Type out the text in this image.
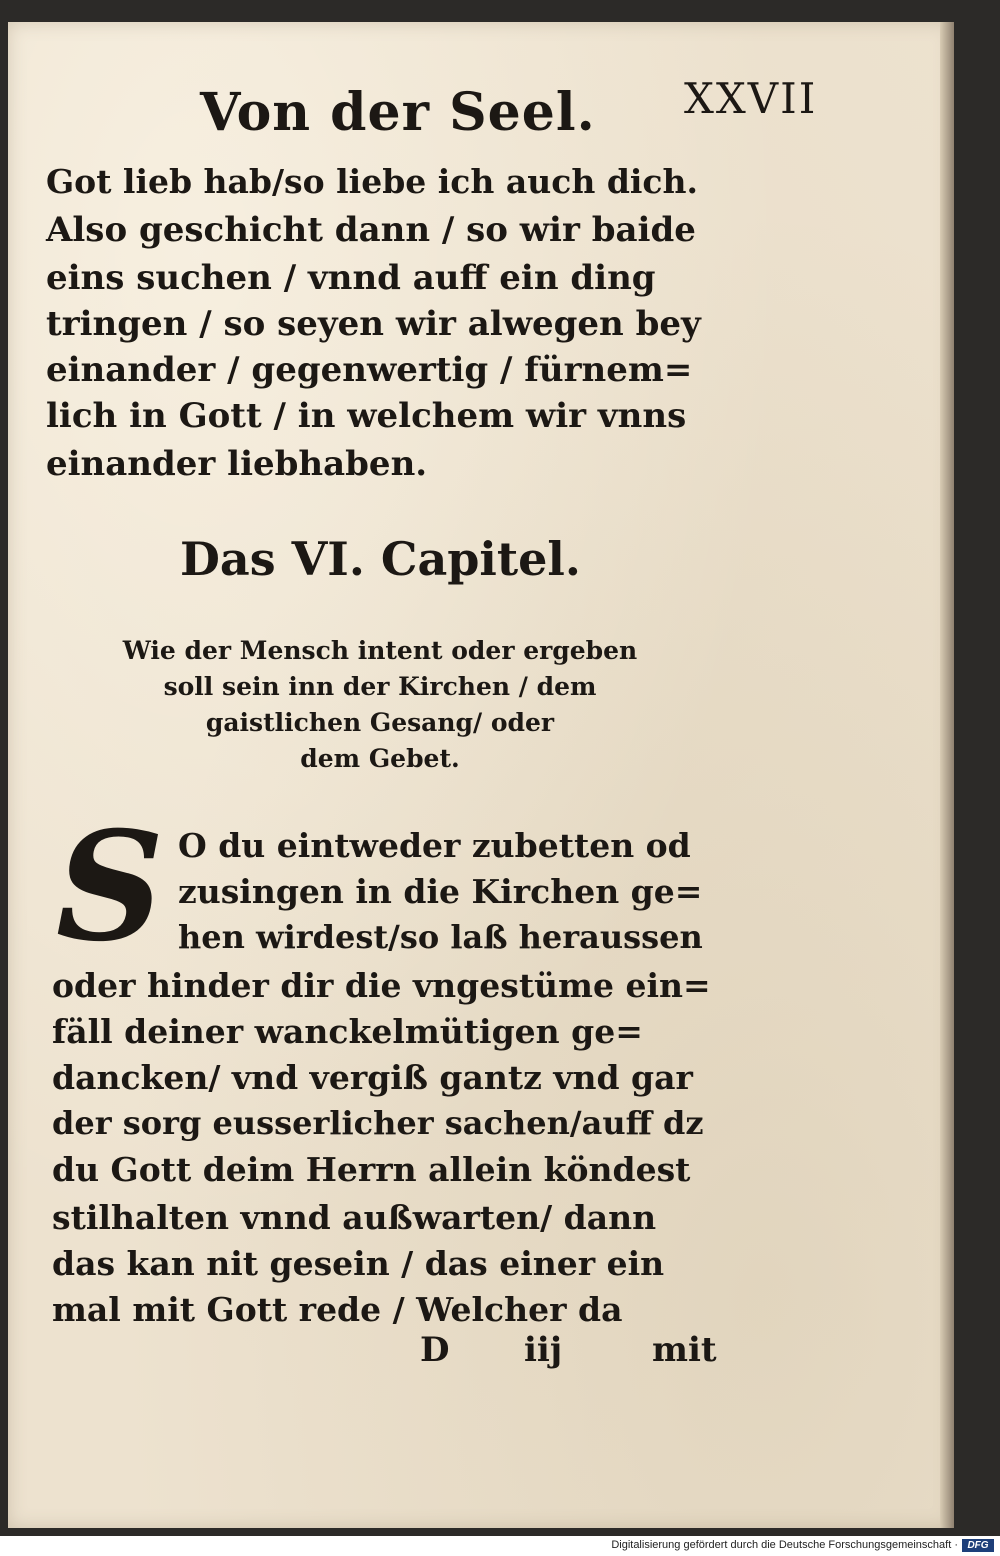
Von der Seel. XXVII
Got lieb hab/so liebe ich auch dich.
Also geschicht dann / so wir baide
eins suchen / vnnd auff ein ding
tringen / so seyen wir alwegen bey
einander / gegenwertig / fürnem=
lich in Gott / in welchem wir vnns
einander liebhaben.
Das VI. Capitel.
Wie der Mensch intent oder ergeben
soll sein inn der Kirchen / dem
gaistlichen Gesang/ oder
dem Gebet.
S O du eintweder zubetten od
zusingen in die Kirchen ge=
hen wirdest/so laß heraussen
oder hinder dir die vngestüme ein=
fäll deiner wanckelmütigen ge=
dancken/ vnd vergiß gantz vnd gar
der sorg eusserlicher sachen/auff dz
du Gott deim Herrn allein köndest
stilhalten vnnd außwarten/ dann
das kan nit gesein / das einer ein
mal mit Gott rede / Welcher da
D iij	mit
Digitalisierung gefördert durch die Deutsche Forschungsgemeinschaft · DFG
